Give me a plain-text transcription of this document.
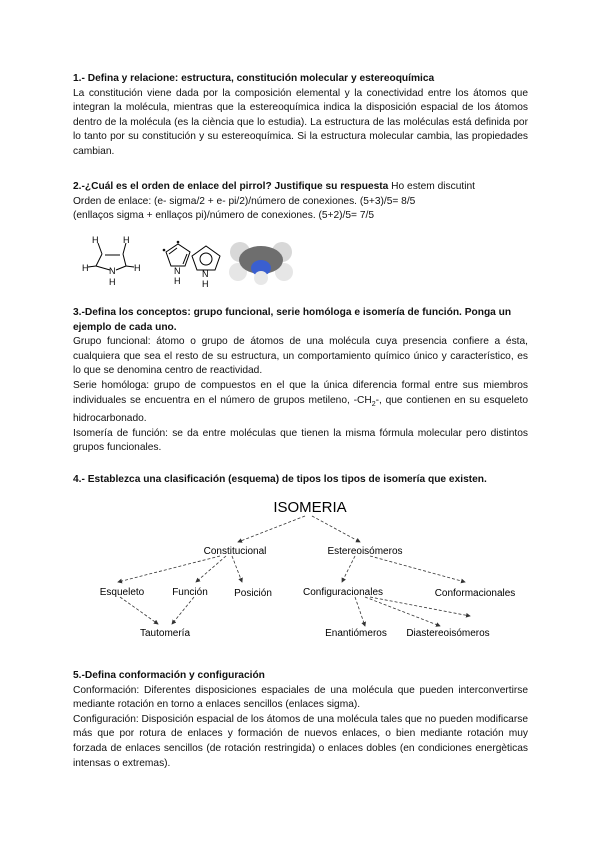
1.- Defina y relacione: estructura, constitución molecular y estereoquímica

La constitución viene dada por la composición elemental y la conectividad entre los átomos que integran la molécula, mientras que la estereoquímica indica la disposición espacial de los átomos dentro de la molécula (es la ciència que lo estudia). La estructura de las moléculas está definida por lo tanto por su constitución y su estereoquímica. Si la estructura molecular cambia, las propiedades cambian.

2.-¿Cuál es el orden de enlace del pirrol? Justifique su respuesta Ho estem discutint
Orden de enlace: (e- sigma/2 + e- pi/2)/número de conexiones. (5+3)/5= 8/5
(enllaços sigma + enllaços pi)/número de conexiones. (5+2)/5= 7/5
H	H
H	H
N
H
N
H
N
H
3.-Defina los conceptos: grupo funcional, serie homóloga e isomería de función. Ponga un ejemplo de cada uno.

Grupo funcional: átomo o grupo de átomos de una molécula cuya presencia confiere a ésta, cualquiera que sea el resto de su estructura, un comportamiento químico único y característico, es lo que se denomina centro de reactividad.

Serie homóloga: grupo de compuestos en el que la única diferencia formal entre sus miembros individuales se encuentra en el número de grupos metileno, $-CH_2-$, que contienen en su esqueleto hidrocarbonado.

Isomería de función: se da entre moléculas que tienen la misma fórmula molecular pero distintos grupos funcionales.

4.- Establezca una clasificación (esquema) de tipos los tipos de isomería que existen.
ISOMERIA
Constitucional	Estereoisómeros
Esqueleto	Función	Posición	Configuracionales	Conformacionales
Tautomería	Enantiómeros Diastereoisómeros
5.-Defina conformación y configuración

Conformación: Diferentes disposiciones espaciales de una molécula que pueden interconvertirse mediante rotación en torno a enlaces sencillos (enlaces sigma).

Configuración: Disposición espacial de los átomos de una molécula tales que no pueden modificarse más que por rotura de enlaces y formación de nuevos enlaces, o bien mediante rotación muy forzada de enlaces sencillos (de rotación restringida) o enlaces dobles (en condiciones energèticas intensas o extremas).
